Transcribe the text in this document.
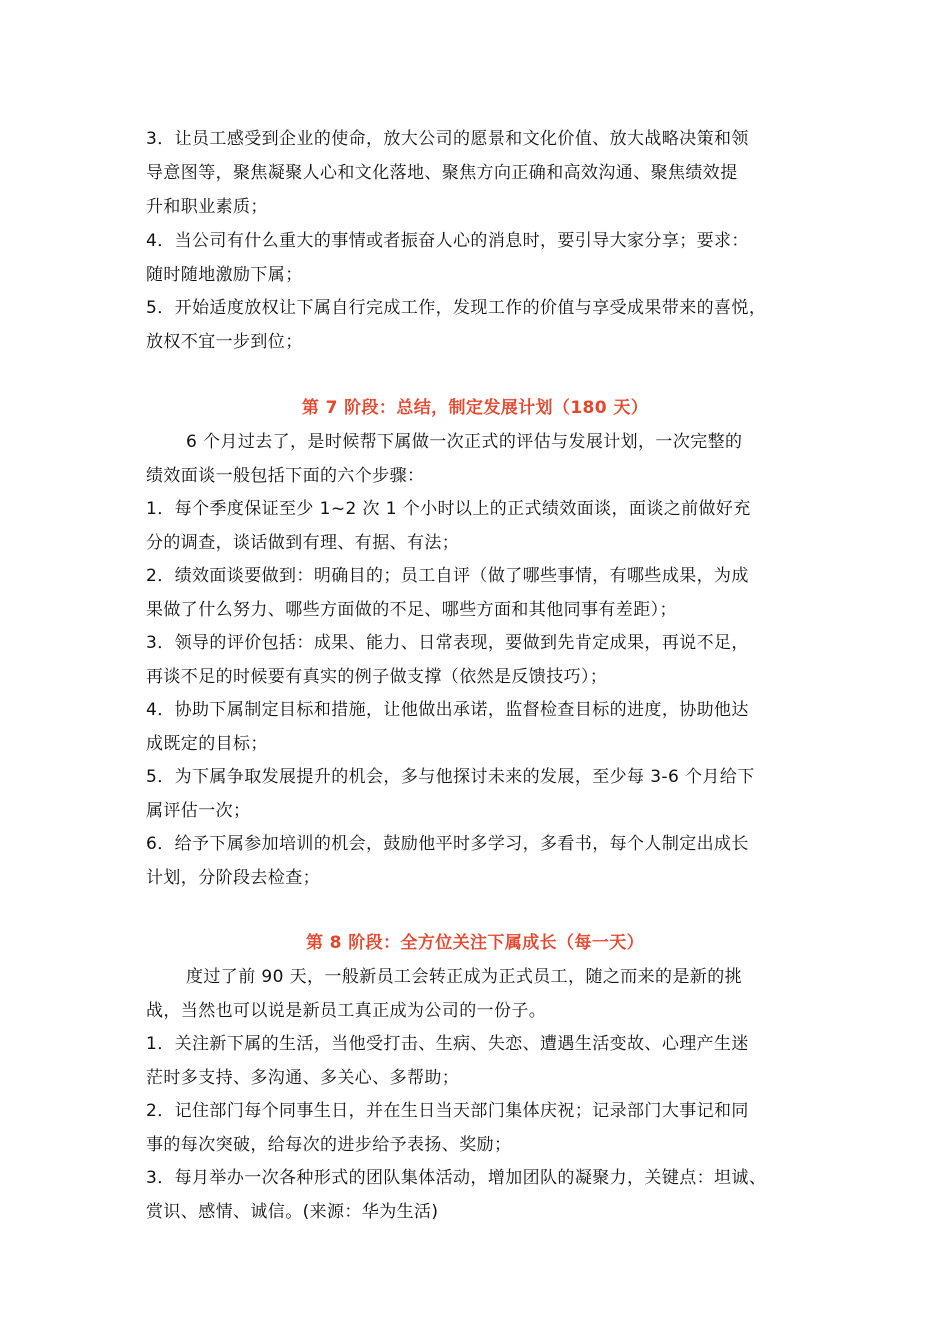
3．让员工感受到企业的使命，放大公司的愿景和文化价值、放大战略决策和领
导意图等，聚焦凝聚人心和文化落地、聚焦方向正确和高效沟通、聚焦绩效提
升和职业素质；
4．当公司有什么重大的事情或者振奋人心的消息时，要引导大家分享；要求：
随时随地激励下属；
5．开始适度放权让下属自行完成工作，发现工作的价值与享受成果带来的喜悦，
放权不宜一步到位；
第 7 阶段：总结，制定发展计划（180 天）
6 个月过去了，是时候帮下属做一次正式的评估与发展计划，一次完整的
绩效面谈一般包括下面的六个步骤：
1．每个季度保证至少 1~2 次 1 个小时以上的正式绩效面谈，面谈之前做好充
分的调查，谈话做到有理、有据、有法；
2．绩效面谈要做到：明确目的；员工自评（做了哪些事情，有哪些成果，为成
果做了什么努力、哪些方面做的不足、哪些方面和其他同事有差距）；
3．领导的评价包括：成果、能力、日常表现，要做到先肯定成果，再说不足，
再谈不足的时候要有真实的例子做支撑（依然是反馈技巧）；
4．协助下属制定目标和措施，让他做出承诺，监督检查目标的进度，协助他达
成既定的目标；
5．为下属争取发展提升的机会，多与他探讨未来的发展，至少每 3-6 个月给下
属评估一次；
6．给予下属参加培训的机会，鼓励他平时多学习，多看书，每个人制定出成长
计划，分阶段去检查；
第 8 阶段：全方位关注下属成长（每一天）
度过了前 90 天，一般新员工会转正成为正式员工，随之而来的是新的挑
战，当然也可以说是新员工真正成为公司的一份子。
1．关注新下属的生活，当他受打击、生病、失恋、遭遇生活变故、心理产生迷
茫时多支持、多沟通、多关心、多帮助；
2．记住部门每个同事生日，并在生日当天部门集体庆祝；记录部门大事记和同
事的每次突破，给每次的进步给予表扬、奖励；
3．每月举办一次各种形式的团队集体活动，增加团队的凝聚力，关键点：坦诚、
赏识、感情、诚信。(来源：华为生活)
